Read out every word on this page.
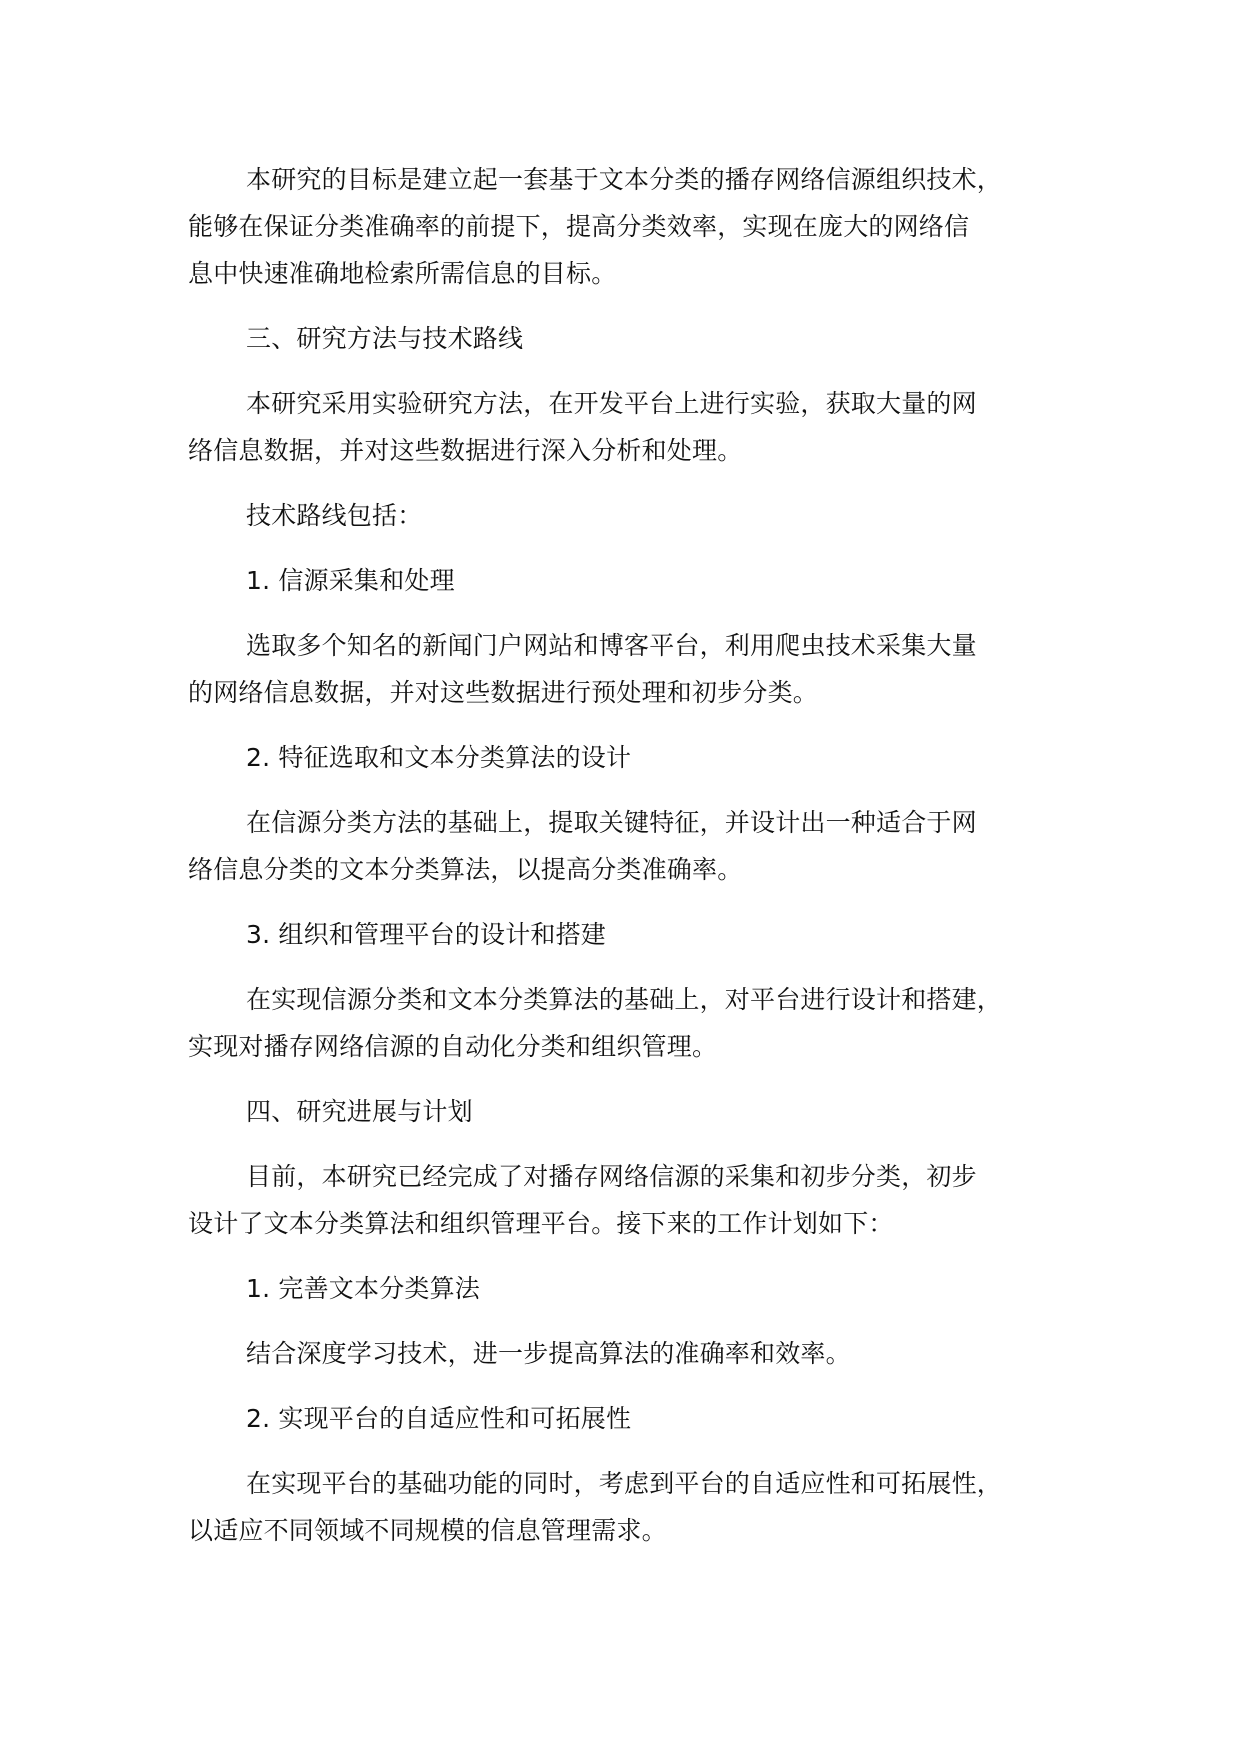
本研究的目标是建立起一套基于文本分类的播存网络信源组织技术，
能够在保证分类准确率的前提下，提高分类效率，实现在庞大的网络信
息中快速准确地检索所需信息的目标。

三、研究方法与技术路线

本研究采用实验研究方法，在开发平台上进行实验，获取大量的网
络信息数据，并对这些数据进行深入分析和处理。

技术路线包括：

1. 信源采集和处理

选取多个知名的新闻门户网站和博客平台，利用爬虫技术采集大量
的网络信息数据，并对这些数据进行预处理和初步分类。

2. 特征选取和文本分类算法的设计

在信源分类方法的基础上，提取关键特征，并设计出一种适合于网
络信息分类的文本分类算法，以提高分类准确率。

3. 组织和管理平台的设计和搭建

在实现信源分类和文本分类算法的基础上，对平台进行设计和搭建，
实现对播存网络信源的自动化分类和组织管理。

四、研究进展与计划

目前，本研究已经完成了对播存网络信源的采集和初步分类，初步
设计了文本分类算法和组织管理平台。接下来的工作计划如下：

1. 完善文本分类算法

结合深度学习技术，进一步提高算法的准确率和效率。

2. 实现平台的自适应性和可拓展性

在实现平台的基础功能的同时，考虑到平台的自适应性和可拓展性，
以适应不同领域不同规模的信息管理需求。
